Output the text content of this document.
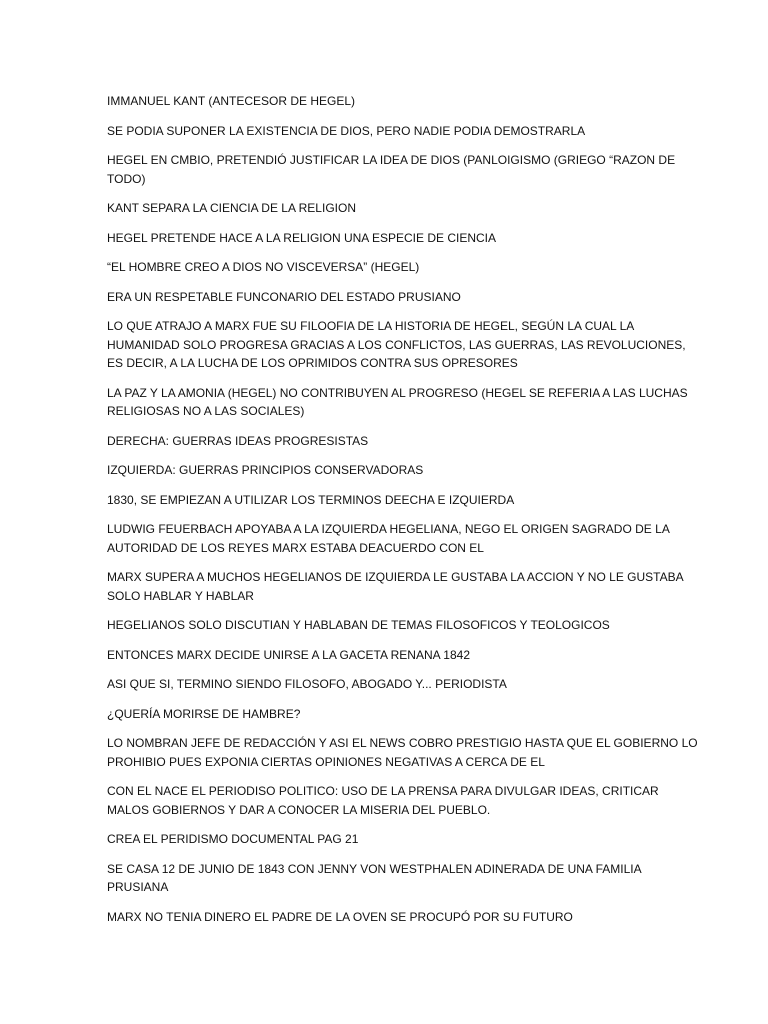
IMMANUEL KANT (ANTECESOR DE HEGEL)

SE PODIA SUPONER LA EXISTENCIA DE DIOS, PERO NADIE PODIA DEMOSTRARLA

HEGEL EN CMBIO, PRETENDIÓ JUSTIFICAR LA IDEA DE DIOS (PANLOIGISMO (GRIEGO “RAZON DE
TODO)

KANT SEPARA LA CIENCIA DE LA RELIGION

HEGEL PRETENDE HACE A LA RELIGION UNA ESPECIE DE CIENCIA

“EL HOMBRE CREO A DIOS NO VISCEVERSA” (HEGEL)

ERA UN RESPETABLE FUNCONARIO DEL ESTADO PRUSIANO

LO QUE ATRAJO A MARX FUE SU FILOOFIA DE LA HISTORIA DE HEGEL, SEGÚN LA CUAL LA
HUMANIDAD SOLO PROGRESA GRACIAS A LOS CONFLICTOS, LAS GUERRAS, LAS REVOLUCIONES,
ES DECIR, A LA LUCHA DE LOS OPRIMIDOS CONTRA SUS OPRESORES

LA PAZ Y LA AMONIA (HEGEL) NO CONTRIBUYEN AL PROGRESO (HEGEL SE REFERIA A LAS LUCHAS
RELIGIOSAS NO A LAS SOCIALES)

DERECHA: GUERRAS IDEAS PROGRESISTAS

IZQUIERDA: GUERRAS PRINCIPIOS CONSERVADORAS

1830, SE EMPIEZAN A UTILIZAR LOS TERMINOS DEECHA E IZQUIERDA

LUDWIG FEUERBACH APOYABA A LA IZQUIERDA HEGELIANA, NEGO EL ORIGEN SAGRADO DE LA
AUTORIDAD DE LOS REYES MARX ESTABA DEACUERDO CON EL

MARX SUPERA A MUCHOS HEGELIANOS DE IZQUIERDA LE GUSTABA LA ACCION Y NO LE GUSTABA
SOLO HABLAR Y HABLAR

HEGELIANOS SOLO DISCUTIAN Y HABLABAN DE TEMAS FILOSOFICOS Y TEOLOGICOS

ENTONCES MARX DECIDE UNIRSE A LA GACETA RENANA 1842

ASI QUE SI, TERMINO SIENDO FILOSOFO, ABOGADO Y... PERIODISTA

¿QUERÍA MORIRSE DE HAMBRE?

LO NOMBRAN JEFE DE REDACCIÓN Y ASI EL NEWS COBRO PRESTIGIO HASTA QUE EL GOBIERNO LO
PROHIBIO PUES EXPONIA CIERTAS OPINIONES NEGATIVAS A CERCA DE EL

CON EL NACE EL PERIODISO POLITICO: USO DE LA PRENSA PARA DIVULGAR IDEAS, CRITICAR
MALOS GOBIERNOS Y DAR A CONOCER LA MISERIA DEL PUEBLO.

CREA EL PERIDISMO DOCUMENTAL PAG 21

SE CASA 12 DE JUNIO DE 1843 CON JENNY VON WESTPHALEN ADINERADA DE UNA FAMILIA
PRUSIANA

MARX NO TENIA DINERO EL PADRE DE LA OVEN SE PROCUPÓ POR SU FUTURO
